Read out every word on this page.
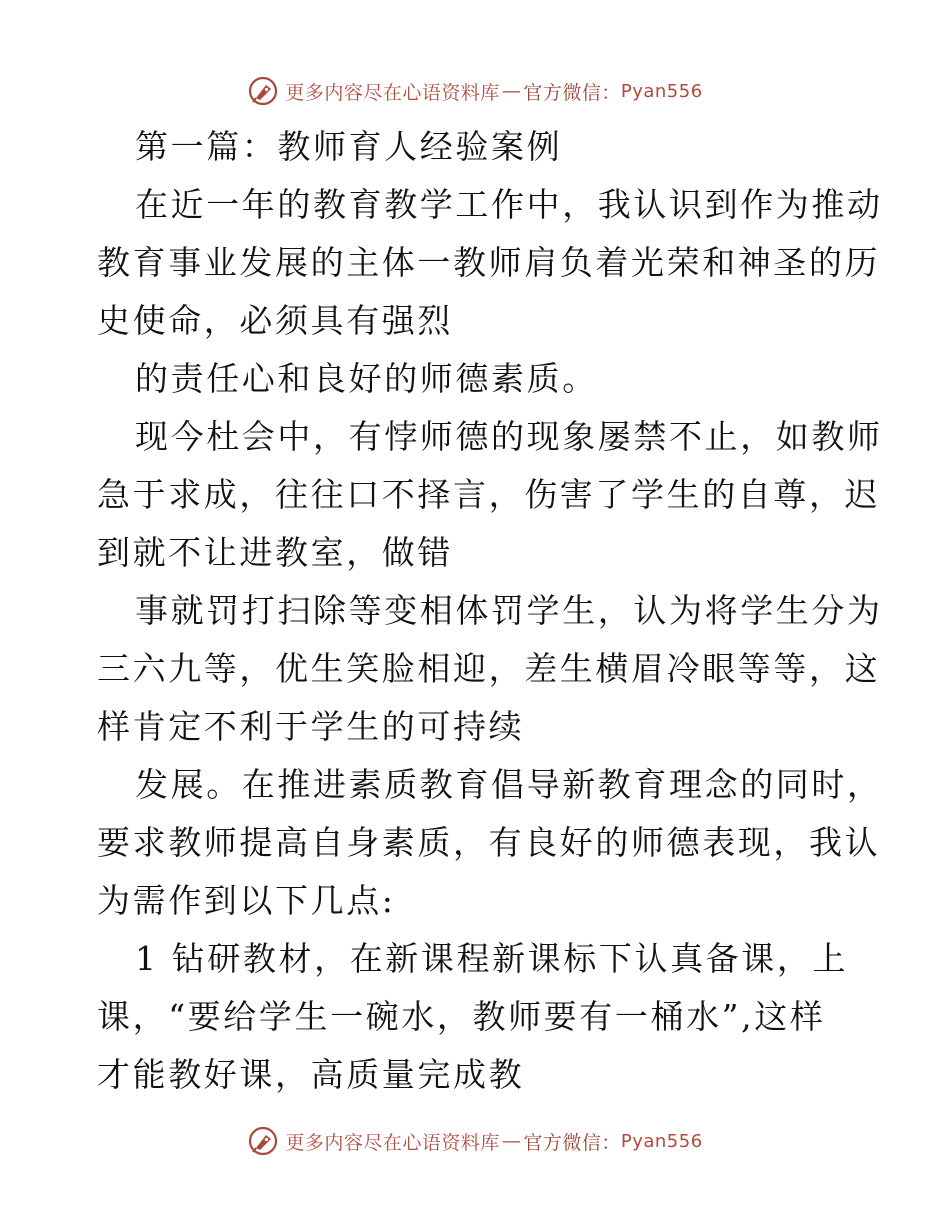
更多内容尽在心语资料库 — 官方微信： Pyan556
第一篇：教师育人经验案例
在近一年的教育教学工作中，我认识到作为推动
教育事业发展的主体一教师肩负着光荣和神圣的历
史使命，必须具有强烈
的责任心和良好的师德素质。
现今杜会中，有悖师德的现象屡禁不止，如教师
急于求成，往往口不择言，伤害了学生的自尊，迟
到就不让进教室，做错
事就罚打扫除等变相体罚学生，认为将学生分为
三六九等，优生笑脸相迎，差生横眉冷眼等等，这
样肯定不利于学生的可持续
发展。在推进素质教育倡导新教育理念的同时，
要求教师提高自身素质，有良好的师德表现，我认
为需作到以下几点:
1 钻研教材，在新课程新课标下认真备课，上
课，“要给学生一碗水，教师要有一桶水”,这样
才能教好课，高质量完成教
更多内容尽在心语资料库 — 官方微信： Pyan556
